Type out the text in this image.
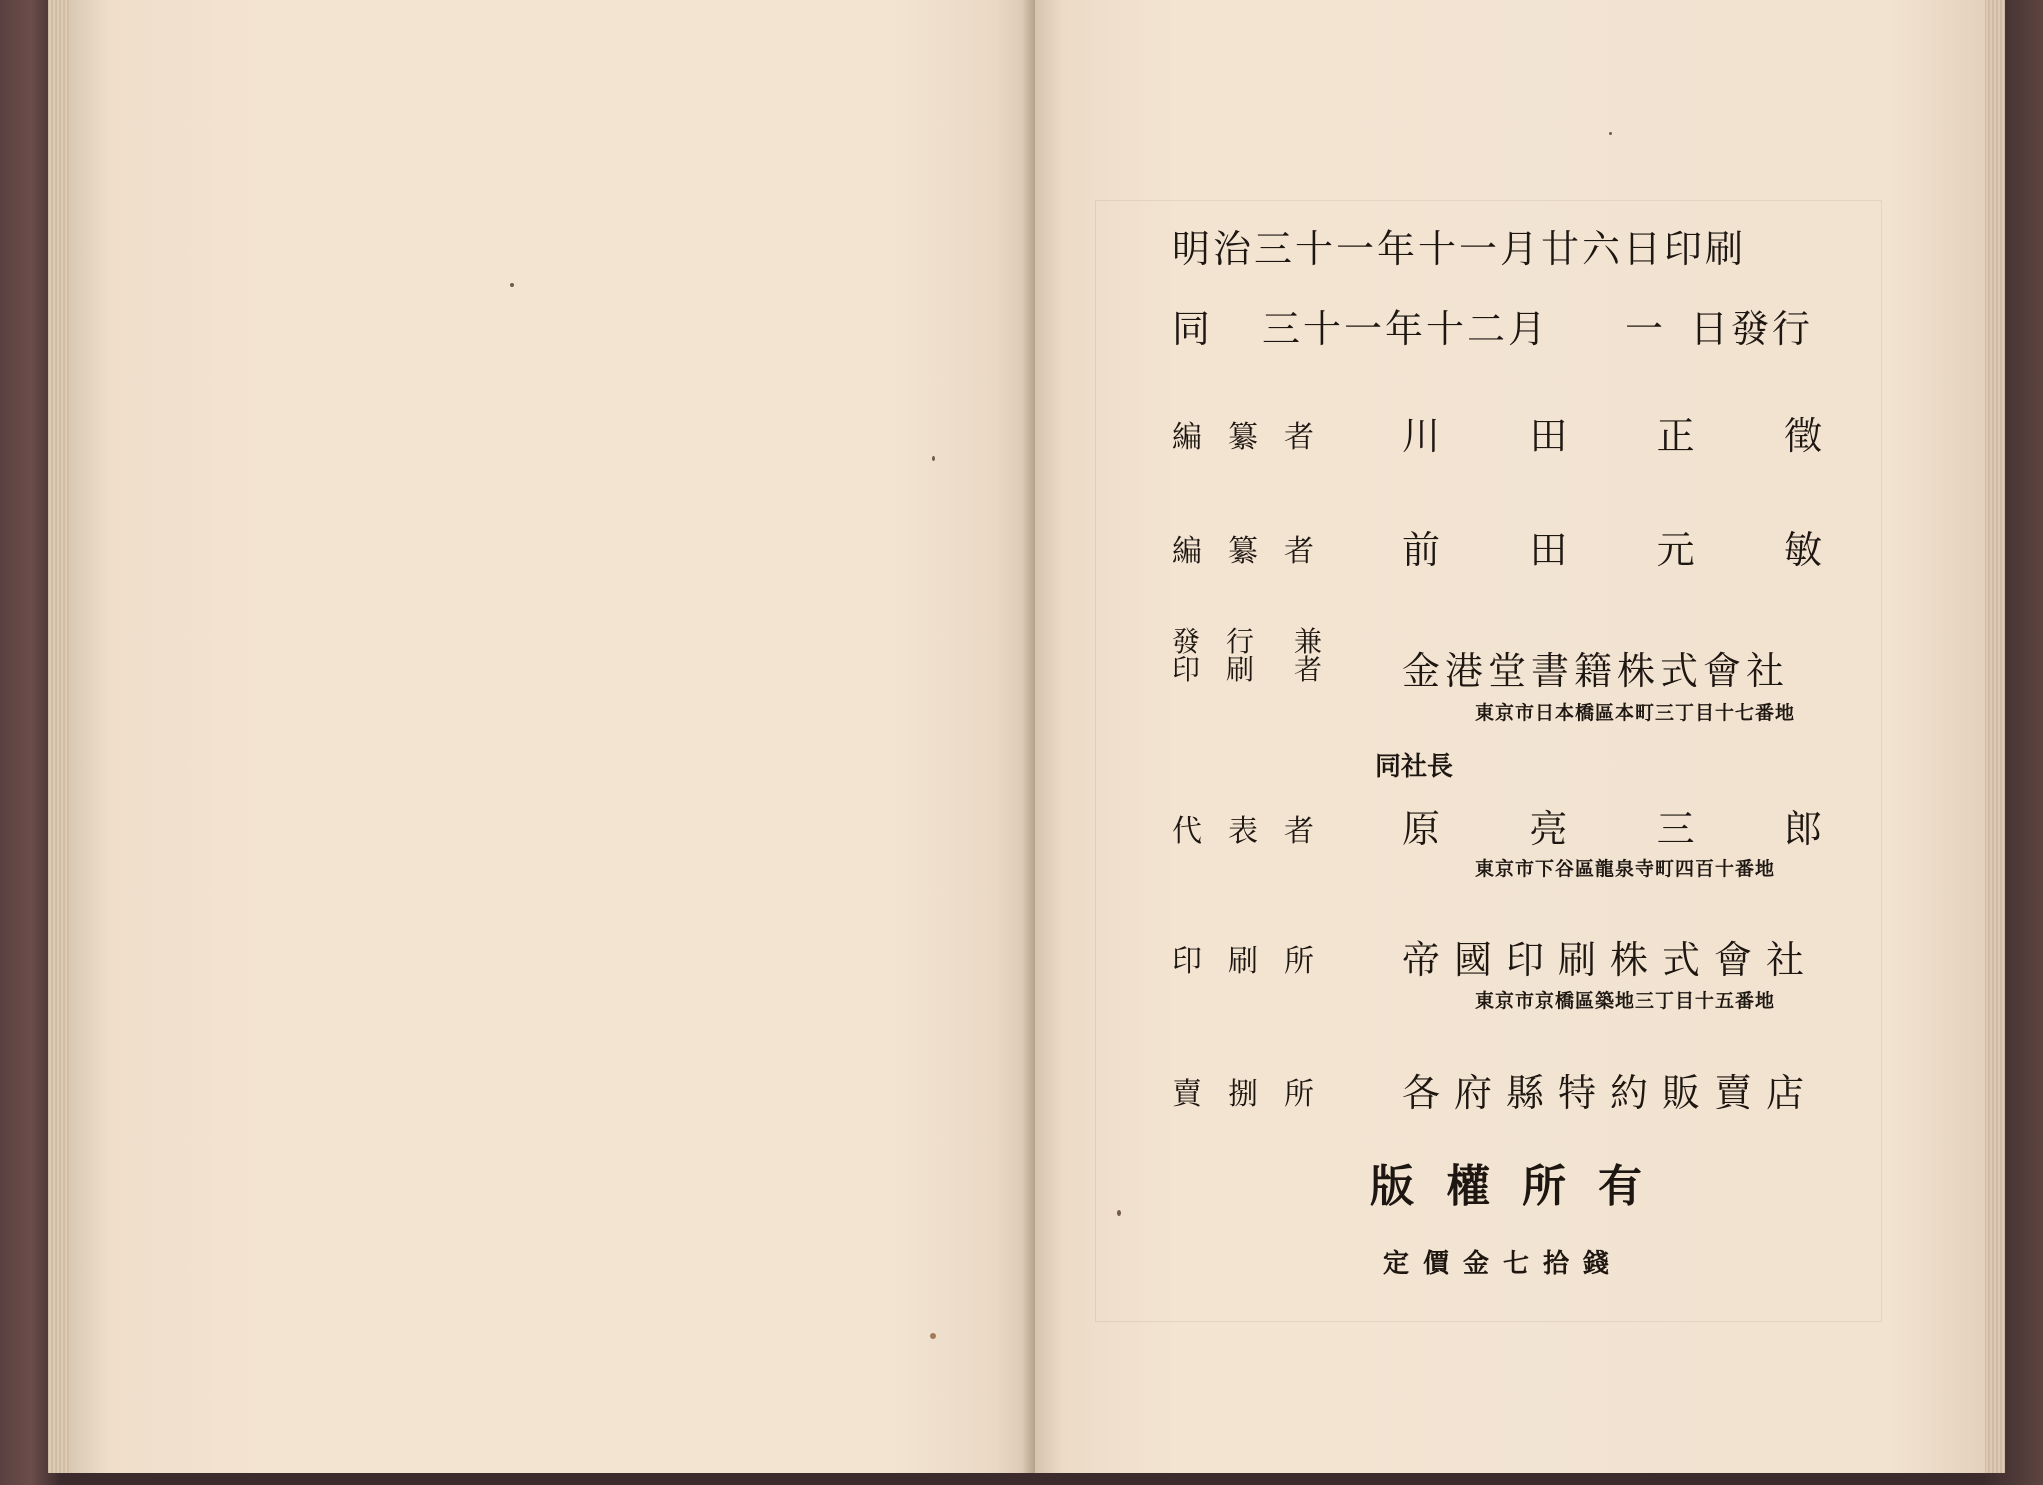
明治三十一年十一月廿六日印刷
同 三十一年十二月 一 日發行
編纂者 川 田 正 徵
編纂者 前 田 元 敏
發行
印刷
兼
者 金港堂書籍株式會社
東京市日本橋區本町三丁目十七番地
同社長
代表者 原 亮 三 郎
東京市下谷區龍泉寺町四百十番地
印刷所 帝國印刷株式會社
東京市京橋區築地三丁目十五番地
賣捌所 各府縣特約販賣店
版權所有
定價金七拾錢
